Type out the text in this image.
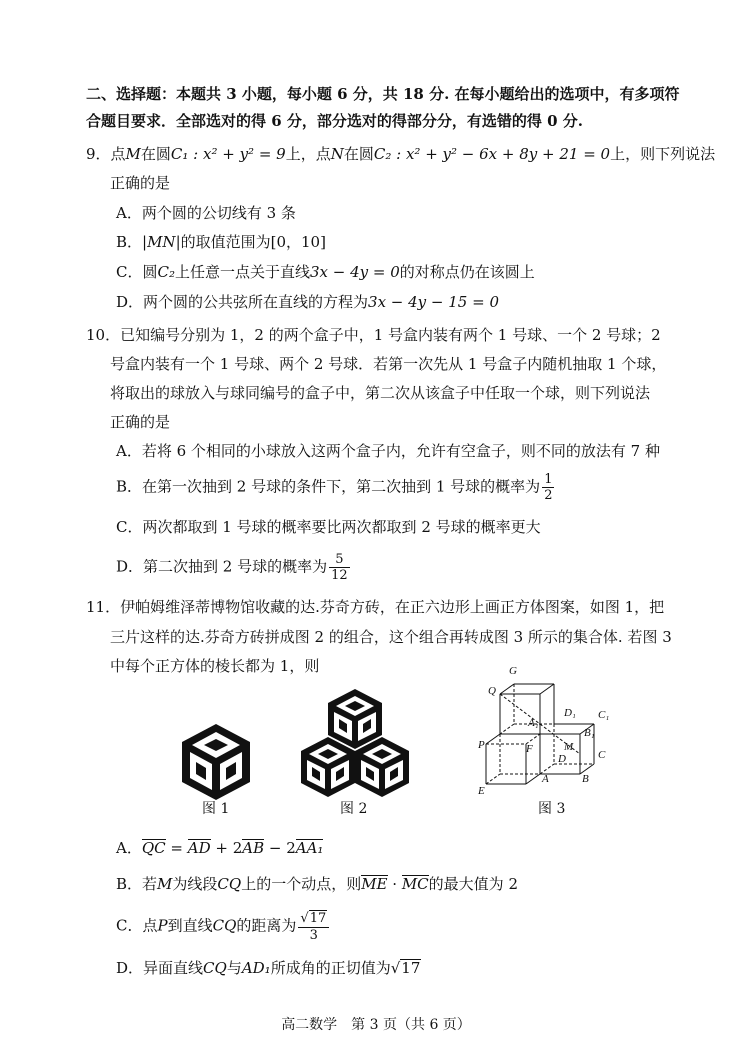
二、选择题：本题共 3 小题，每小题 6 分，共 18 分. 在每小题给出的选项中，有多项符
合题目要求．全部选对的得 6 分，部分选对的得部分分，有选错的得 0 分.
9．点M在圆C₁ : x² + y² = 9上，点N在圆C₂ : x² + y² − 6x + 8y + 21 = 0上，则下列说法
正确的是
A．两个圆的公切线有 3 条
B．|MN|的取值范围为[0，10]
C．圆C₂上任意一点关于直线3x − 4y = 0的对称点仍在该圆上
D．两个圆的公共弦所在直线的方程为3x − 4y − 15 = 0
10．已知编号分别为 1，2 的两个盒子中，1 号盒内装有两个 1 号球、一个 2 号球；2
号盒内装有一个 1 号球、两个 2 号球．若第一次先从 1 号盒子内随机抽取 1 个球，
将取出的球放入与球同编号的盒子中，第二次从该盒子中任取一个球，则下列说法
正确的是
A．若将 6 个相同的小球放入这两个盒子内，允许有空盒子，则不同的放法有 7 种
B．在第一次抽到 2 号球的条件下，第二次抽到 1 号球的概率为 $\frac{1}{2}$
C．两次都取到 1 号球的概率要比两次都取到 2 号球的概率更大
D．第二次抽到 2 号球的概率为 $\frac{5}{12}$
11．伊帕姆维泽蒂博物馆收藏的达.芬奇方砖，在正六边形上画正方体图案，如图 1，把
三片这样的达.芬奇方砖拼成图 2 的组合，这个组合再转成图 3 所示的集合体. 若图 3
中每个正方体的棱长都为 1，则	G
Q
D₁ C₁
A₁
B₁
P	F	M
C
D
E
A	B
图 1	图 2	图 3
A．QC = AD + 2AB − 2AA₁
B．若M为线段CQ上的一个动点，则ME · MC的最大值为 2
C．点P到直线CQ的距离为 $\frac{√17}{3}$
D．异面直线CQ与AD₁所成角的正切值为√17
高二数学　第 3 页（共 6 页）
